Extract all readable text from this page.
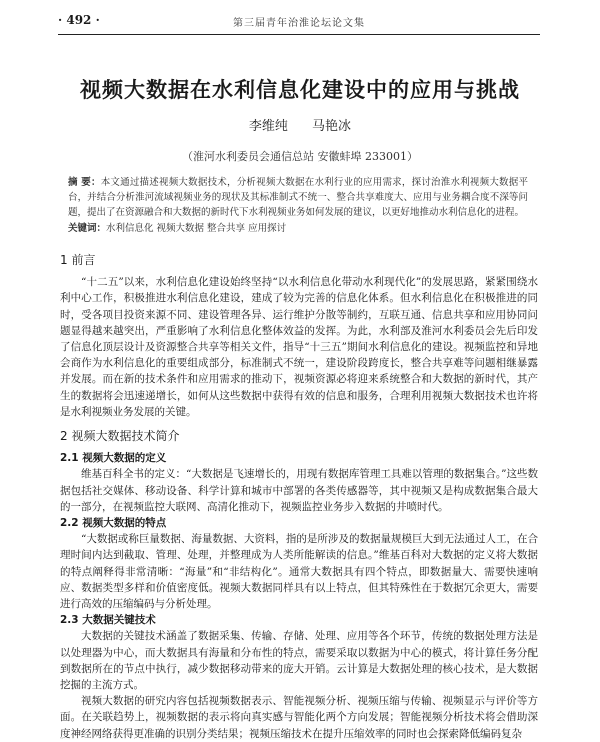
· 492 ·	第三届青年治淮论坛论文集
视频大数据在水利信息化建设中的应用与挑战
李维纯 马艳冰
（淮河水利委员会通信总站 安徽蚌埠 233001）
摘 要：本文通过描述视频大数据技术，分析视频大数据在水利行业的应用需求，探讨治淮水利视频大数据平台，并结合分析淮河流域视频业务的现状及其标准制式不统一、整合共享难度大、应用与业务耦合度不深等问题，提出了在资源融合和大数据的新时代下水利视频业务如何发展的建议，以更好地推动水利信息化的进程。
关键词：水利信息化 视频大数据 整合共享 应用探讨
1 前言

“十二五”以来，水利信息化建设始终坚持“以水利信息化带动水利现代化”的发展思路，紧紧围绕水利中心工作，积极推进水利信息化建设，建成了较为完善的信息化体系。但水利信息化在积极推进的同时，受各项目投资来源不同、建设管理各异、运行维护分散等制约，互联互通、信息共享和应用协同问题显得越来越突出，严重影响了水利信息化整体效益的发挥。为此，水利部及淮河水利委员会先后印发了信息化顶层设计及资源整合共享等相关文件，指导“十三五”期间水利信息化的建设。视频监控和异地会商作为水利信息化的重要组成部分，标准制式不统一，建设阶段跨度长，整合共享难等问题相继暴露并发展。而在新的技术条件和应用需求的推动下，视频资源必将迎来系统整合和大数据的新时代，其产生的数据将会迅速递增长，如何从这些数据中获得有效的信息和服务，合理利用视频大数据技术也许将是水利视频业务发展的关键。

2 视频大数据技术简介
2.1 视频大数据的定义

维基百科全书的定义：“大数据是飞速增长的，用现有数据库管理工具难以管理的数据集合。”这些数据包括社交媒体、移动设备、科学计算和城市中部署的各类传感器等，其中视频又是构成数据集合最大的一部分，在视频监控大联网、高清化推动下，视频监控业务步入数据的井喷时代。

2.2 视频大数据的特点

“大数据或称巨量数据、海量数据、大资料，指的是所涉及的数据量规模巨大到无法通过人工，在合理时间内达到截取、管理、处理，并整理成为人类所能解读的信息。”维基百科对大数据的定义将大数据的特点阐释得非常清晰：“海量”和“非结构化”。通常大数据具有四个特点，即数据量大、需要快速响应、数据类型多样和价值密度低。视频大数据同样具有以上特点，但其特殊性在于数据冗余更大，需要进行高效的压缩编码与分析处理。

2.3 大数据关键技术

大数据的关键技术涵盖了数据采集、传输、存储、处理、应用等各个环节，传统的数据处理方法是以处理器为中心，而大数据具有海量和分布性的特点，需要采取以数据为中心的模式，将计算任务分配到数据所在的节点中执行，减少数据移动带来的庞大开销。云计算是大数据处理的核心技术，是大数据挖掘的主流方式。

视频大数据的研究内容包括视频数据表示、智能视频分析、视频压缩与传输、视频显示与评价等方面。在关联趋势上，视频数据的表示将向真实感与智能化两个方向发展；智能视频分析技术将会借助深度神经网络获得更准确的识别分类结果；视频压缩技术在提升压缩效率的同时也会探索降低编码复杂
